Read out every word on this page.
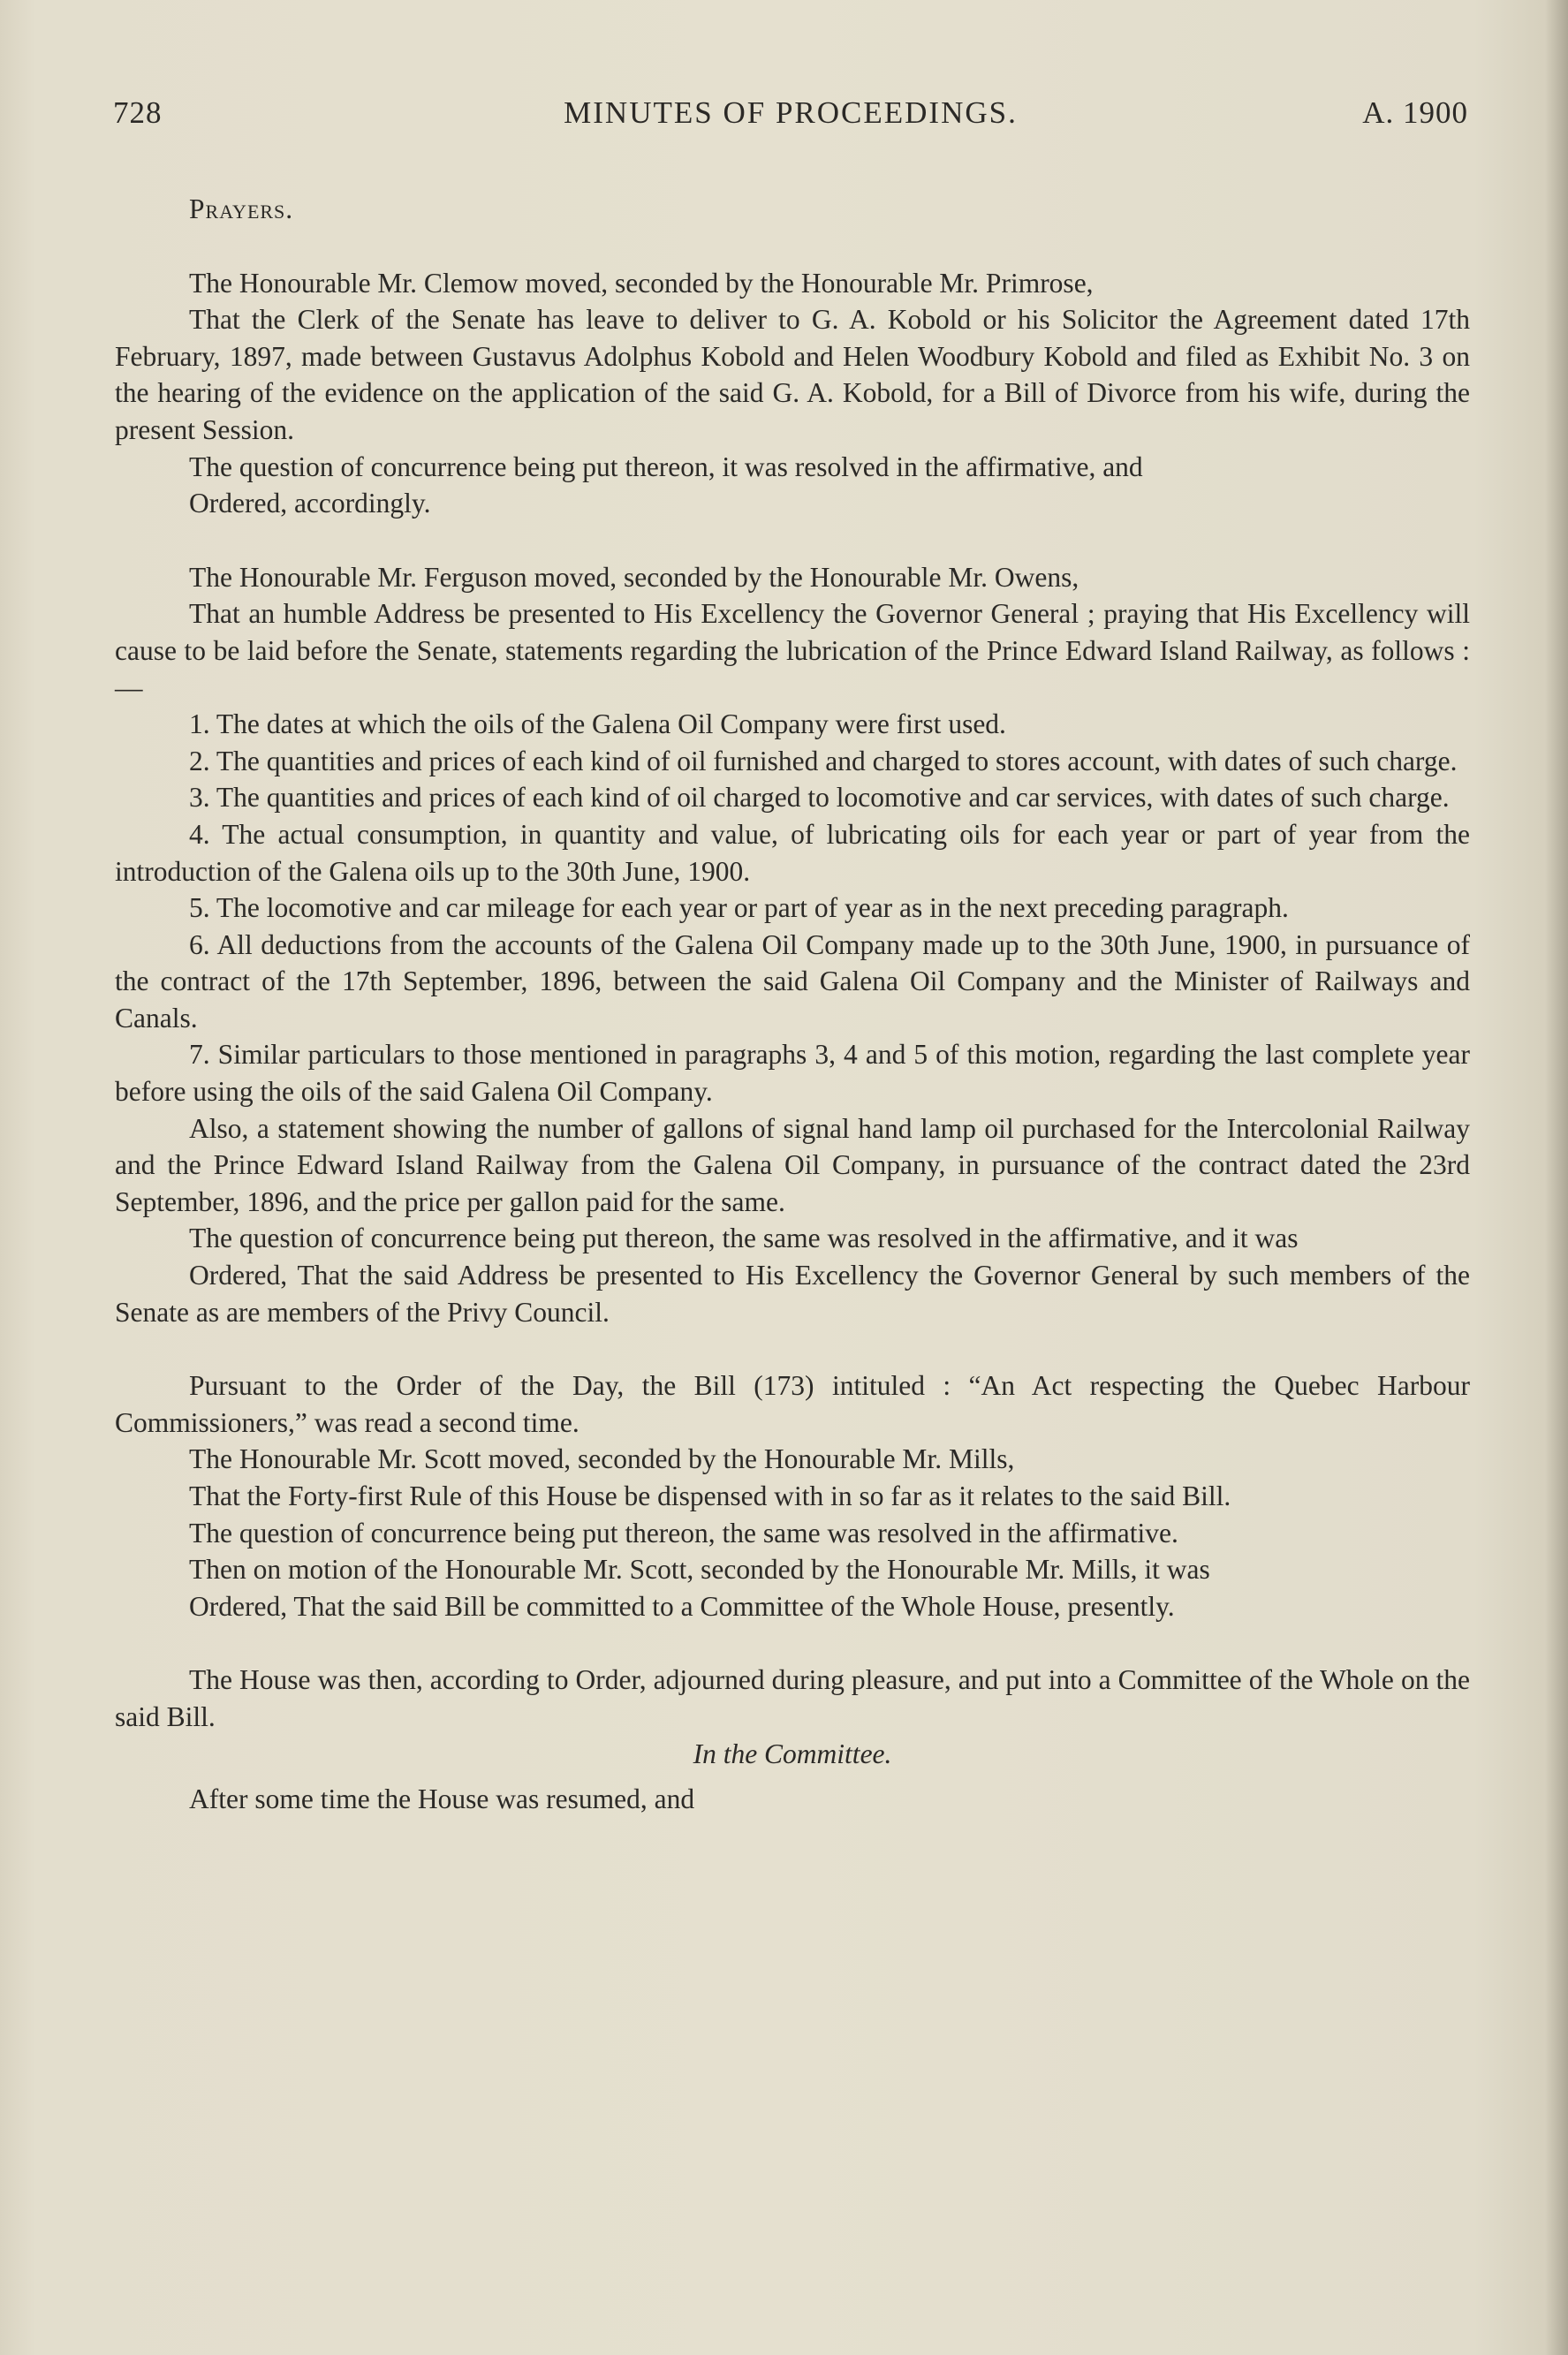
728	MINUTES OF PROCEEDINGS.	A. 1900

Prayers.

The Honourable Mr. Clemow moved, seconded by the Honourable Mr. Primrose,

That the Clerk of the Senate has leave to deliver to G. A. Kobold or his Solicitor the Agreement dated 17th February, 1897, made between Gustavus Adolphus Kobold and Helen Woodbury Kobold and filed as Exhibit No. 3 on the hearing of the evidence on the application of the said G. A. Kobold, for a Bill of Divorce from his wife, during the present Session.

The question of concurrence being put thereon, it was resolved in the affirmative, and

Ordered, accordingly.

The Honourable Mr. Ferguson moved, seconded by the Honourable Mr. Owens,

That an humble Address be presented to His Excellency the Governor General ; praying that His Excellency will cause to be laid before the Senate, statements regarding the lubrication of the Prince Edward Island Railway, as follows :—

1. The dates at which the oils of the Galena Oil Company were first used.

2. The quantities and prices of each kind of oil furnished and charged to stores account, with dates of such charge.

3. The quantities and prices of each kind of oil charged to locomotive and car services, with dates of such charge.

4. The actual consumption, in quantity and value, of lubricating oils for each year or part of year from the introduction of the Galena oils up to the 30th June, 1900.

5. The locomotive and car mileage for each year or part of year as in the next preceding paragraph.

6. All deductions from the accounts of the Galena Oil Company made up to the 30th June, 1900, in pursuance of the contract of the 17th September, 1896, between the said Galena Oil Company and the Minister of Railways and Canals.

7. Similar particulars to those mentioned in paragraphs 3, 4 and 5 of this motion, regarding the last complete year before using the oils of the said Galena Oil Company.

Also, a statement showing the number of gallons of signal hand lamp oil purchased for the Intercolonial Railway and the Prince Edward Island Railway from the Galena Oil Company, in pursuance of the contract dated the 23rd September, 1896, and the price per gallon paid for the same.

The question of concurrence being put thereon, the same was resolved in the affirmative, and it was

Ordered, That the said Address be presented to His Excellency the Governor General by such members of the Senate as are members of the Privy Council.

Pursuant to the Order of the Day, the Bill (173) intituled : “An Act respecting the Quebec Harbour Commissioners,” was read a second time.

The Honourable Mr. Scott moved, seconded by the Honourable Mr. Mills,

That the Forty-first Rule of this House be dispensed with in so far as it relates to the said Bill.

The question of concurrence being put thereon, the same was resolved in the affirmative.

Then on motion of the Honourable Mr. Scott, seconded by the Honourable Mr. Mills, it was

Ordered, That the said Bill be committed to a Committee of the Whole House, presently.

The House was then, according to Order, adjourned during pleasure, and put into a Committee of the Whole on the said Bill.

In the Committee.

After some time the House was resumed, and
